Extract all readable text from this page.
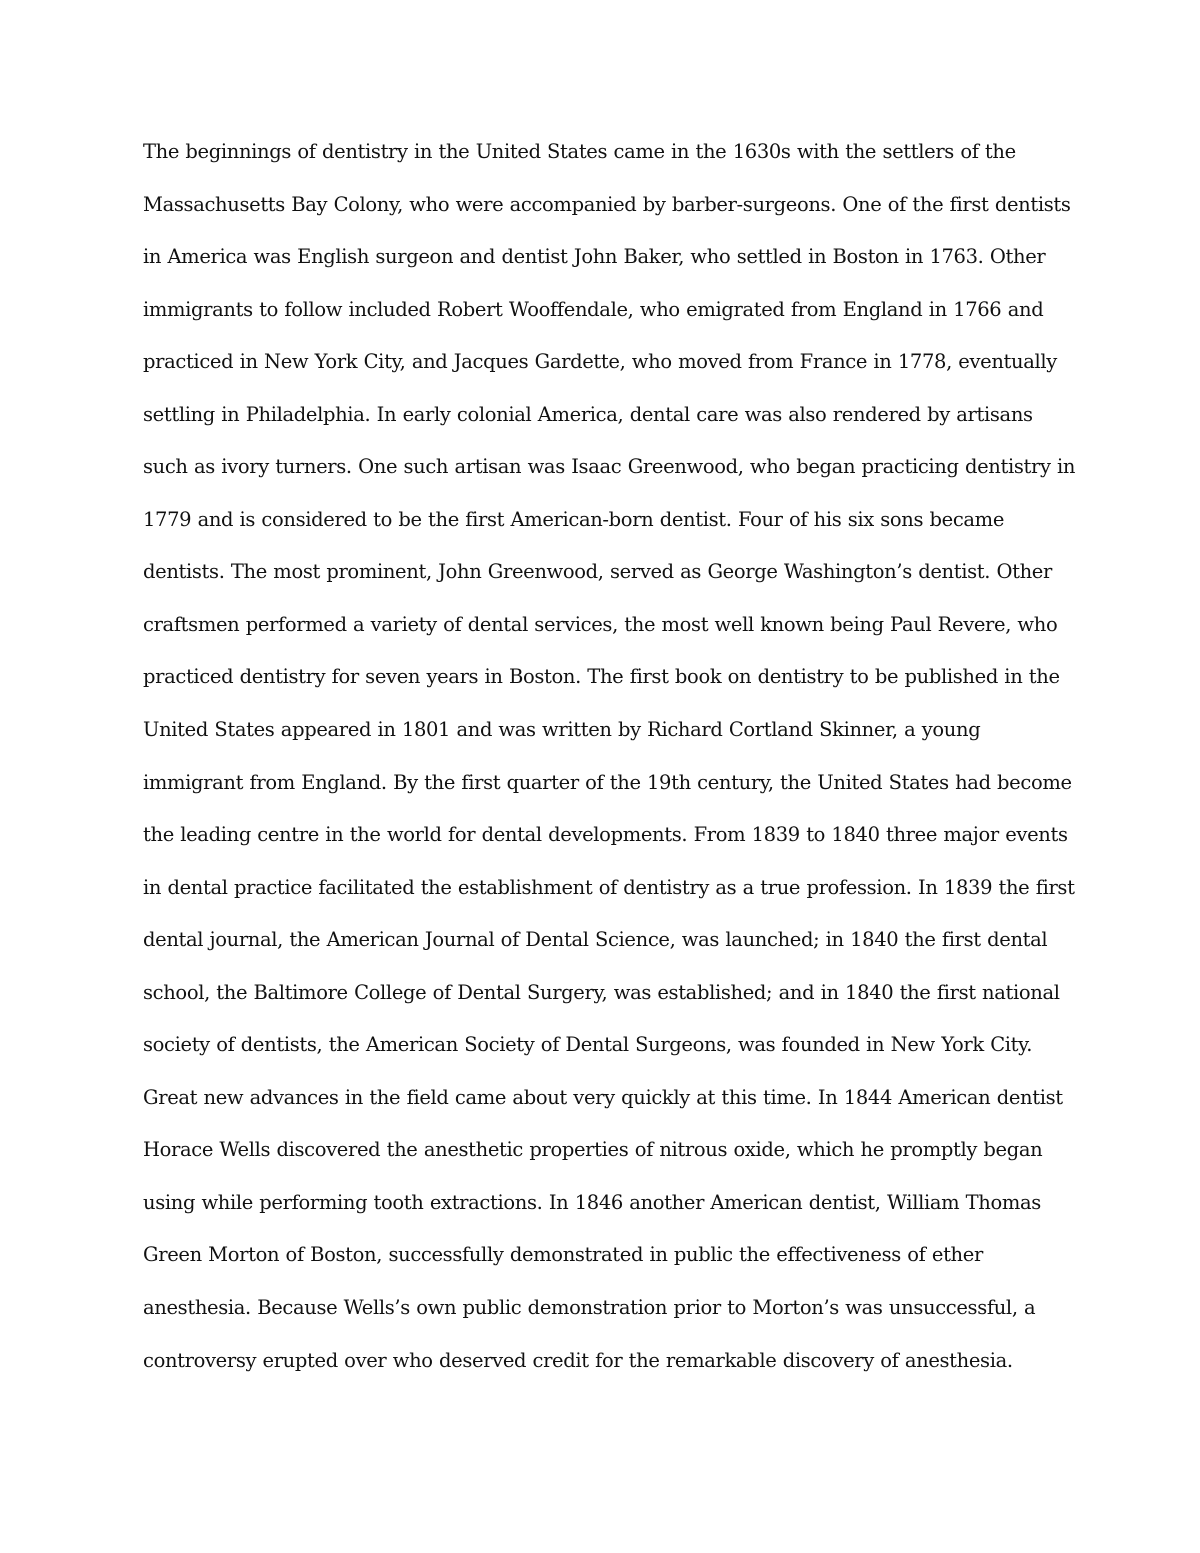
The beginnings of dentistry in the United States came in the 1630s with the settlers of the
Massachusetts Bay Colony, who were accompanied by barber-surgeons. One of the first dentists
in America was English surgeon and dentist John Baker, who settled in Boston in 1763. Other
immigrants to follow included Robert Wooffendale, who emigrated from England in 1766 and
practiced in New York City, and Jacques Gardette, who moved from France in 1778, eventually
settling in Philadelphia. In early colonial America, dental care was also rendered by artisans
such as ivory turners. One such artisan was Isaac Greenwood, who began practicing dentistry in
1779 and is considered to be the first American-born dentist. Four of his six sons became
dentists. The most prominent, John Greenwood, served as George Washington’s dentist. Other
craftsmen performed a variety of dental services, the most well known being Paul Revere, who
practiced dentistry for seven years in Boston. The first book on dentistry to be published in the
United States appeared in 1801 and was written by Richard Cortland Skinner, a young
immigrant from England. By the first quarter of the 19th century, the United States had become
the leading centre in the world for dental developments. From 1839 to 1840 three major events
in dental practice facilitated the establishment of dentistry as a true profession. In 1839 the first
dental journal, the American Journal of Dental Science, was launched; in 1840 the first dental
school, the Baltimore College of Dental Surgery, was established; and in 1840 the first national
society of dentists, the American Society of Dental Surgeons, was founded in New York City.
Great new advances in the field came about very quickly at this time. In 1844 American dentist
Horace Wells discovered the anesthetic properties of nitrous oxide, which he promptly began
using while performing tooth extractions. In 1846 another American dentist, William Thomas
Green Morton of Boston, successfully demonstrated in public the effectiveness of ether
anesthesia. Because Wells’s own public demonstration prior to Morton’s was unsuccessful, a
controversy erupted over who deserved credit for the remarkable discovery of anesthesia.
